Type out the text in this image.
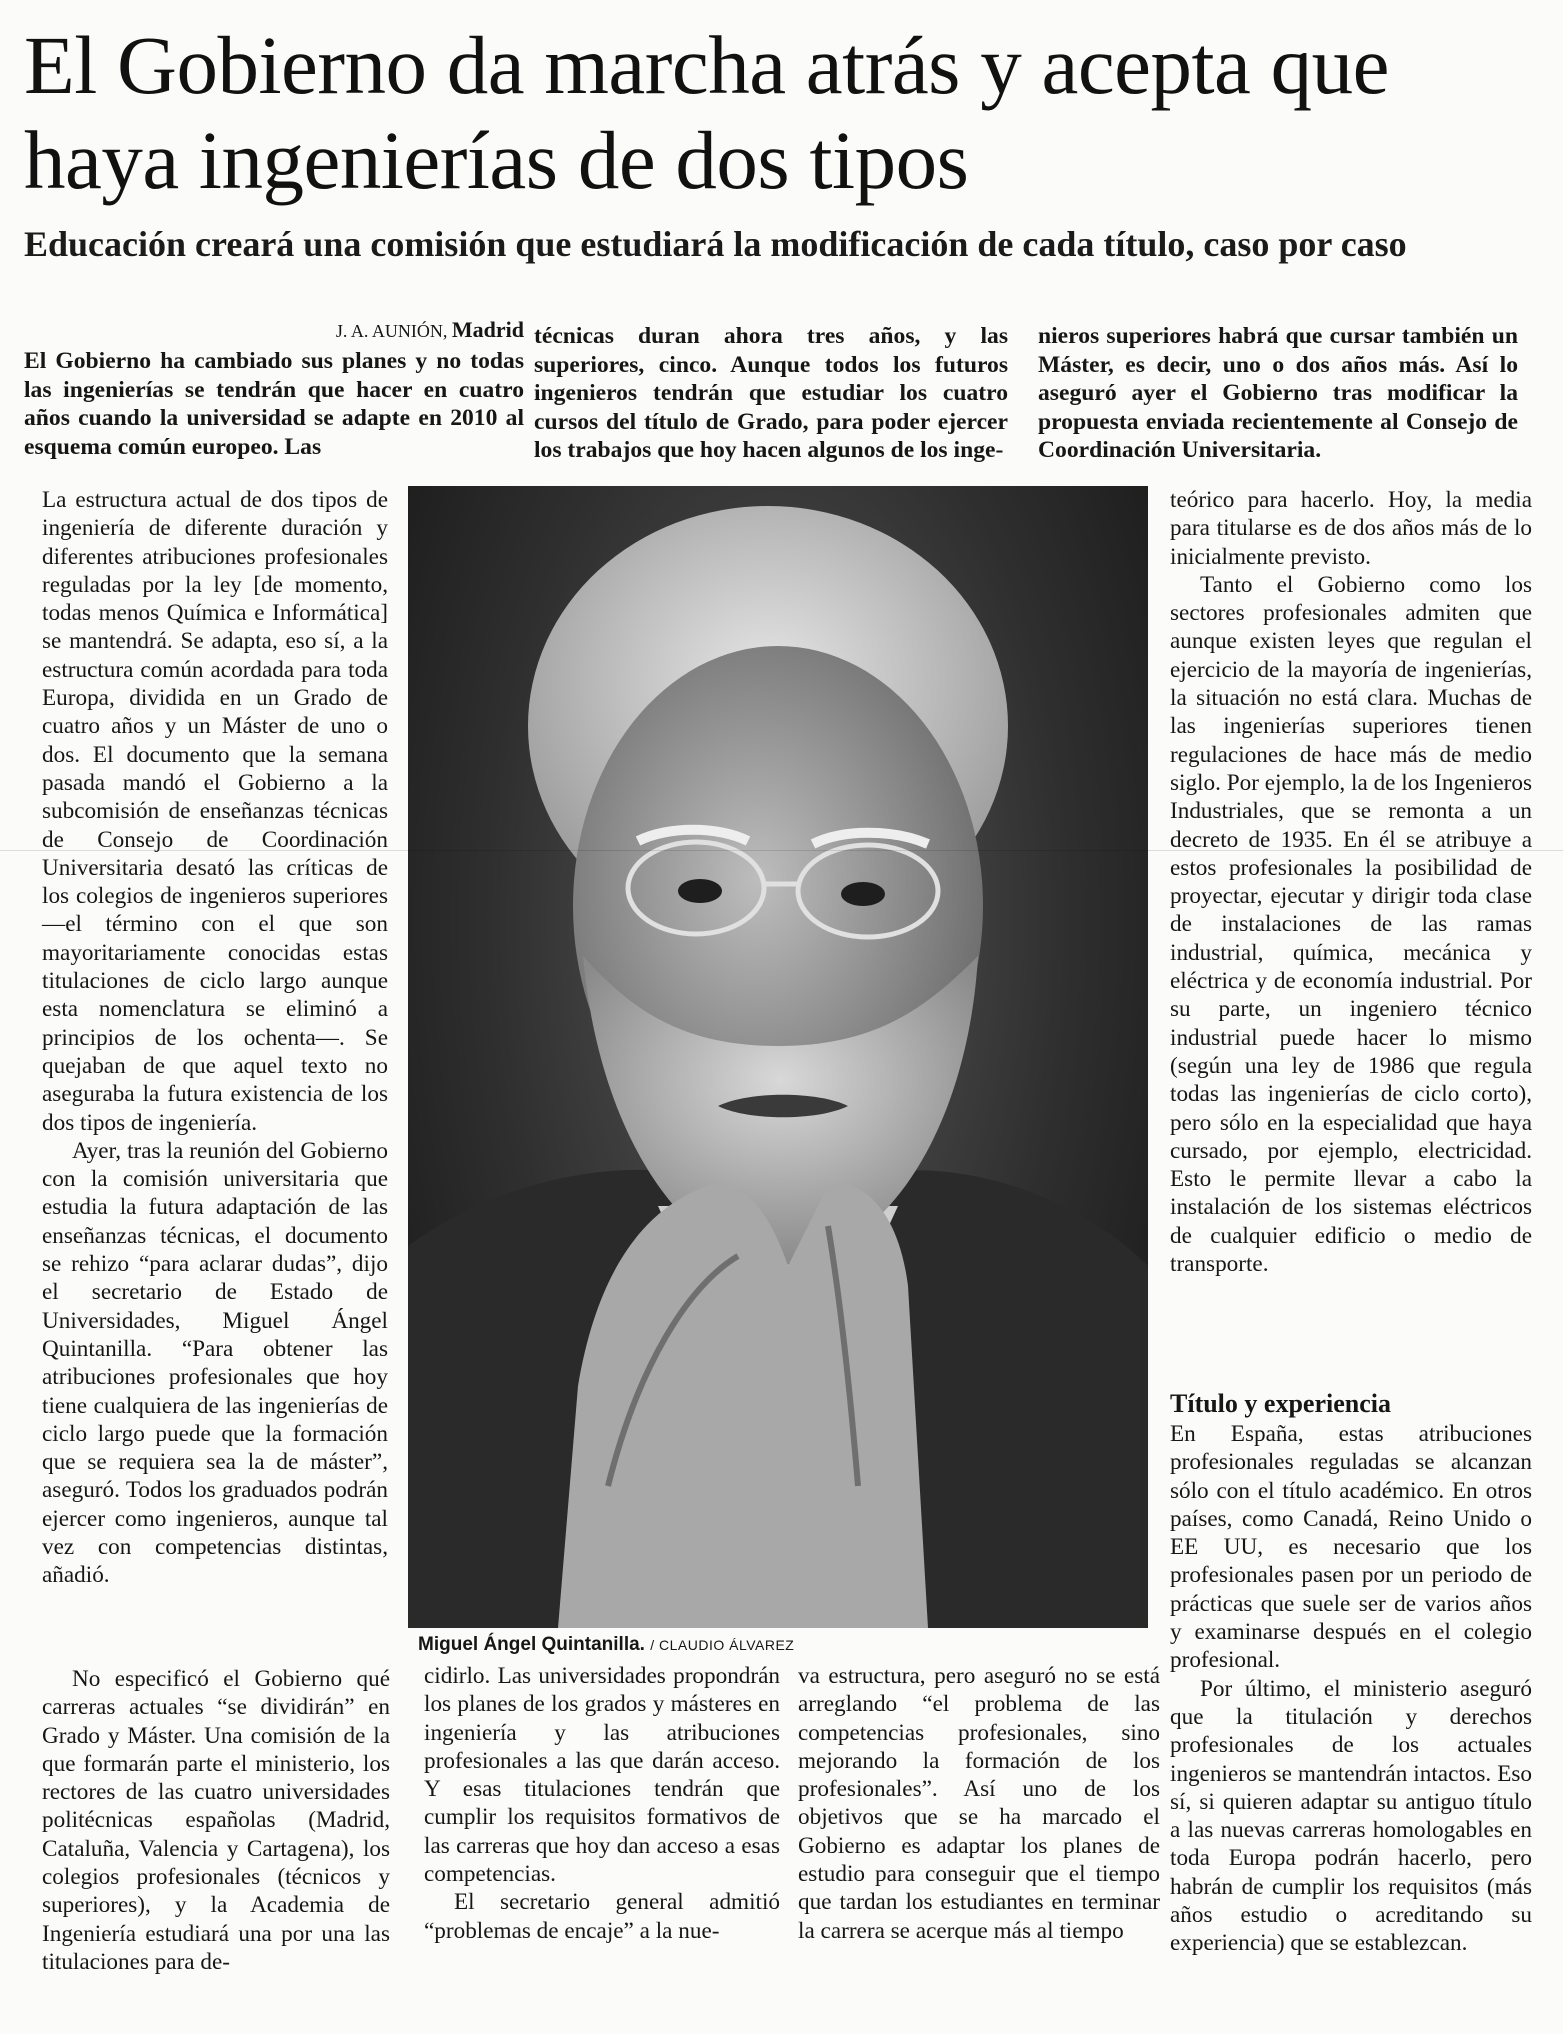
El Gobierno da marcha atrás y acepta que haya ingenierías de dos tipos
Educación creará una comisión que estudiará la modificación de cada título, caso por caso
J. A. AUNIÓN, Madrid
El Gobierno ha cambiado sus planes y no todas las ingenierías se tendrán que hacer en cuatro años cuando la universidad se adapte en 2010 al esquema común europeo. Las
técnicas duran ahora tres años, y las superiores, cinco. Aunque todos los futuros ingenieros tendrán que estudiar los cuatro cursos del título de Grado, para poder ejercer los trabajos que hoy hacen algunos de los inge-
nieros superiores habrá que cursar también un Máster, es decir, uno o dos años más. Así lo aseguró ayer el Gobierno tras modificar la propuesta enviada recientemente al Consejo de Coordinación Universitaria.

La estructura actual de dos tipos de ingeniería de diferente duración y diferentes atribuciones profesionales reguladas por la ley [de momento, todas menos Química e Informática] se mantendrá. Se adapta, eso sí, a la estructura común acordada para toda Europa, dividida en un Grado de cuatro años y un Máster de uno o dos. El documento que la semana pasada mandó el Gobierno a la subcomisión de enseñanzas técnicas de Consejo de Coordinación Universitaria desató las críticas de los colegios de ingenieros superiores —el término con el que son mayoritariamente conocidas estas titulaciones de ciclo largo aunque esta nomenclatura se eliminó a principios de los ochenta—. Se quejaban de que aquel texto no aseguraba la futura existencia de los dos tipos de ingeniería.

Ayer, tras la reunión del Gobierno con la comisión universitaria que estudia la futura adaptación de las enseñanzas técnicas, el documento se rehizo “para aclarar dudas”, dijo el secretario de Estado de Universidades, Miguel Ángel Quintanilla. “Para obtener las atribuciones profesionales que hoy tiene cualquiera de las ingenierías de ciclo largo puede que la formación que se requiera sea la de máster”, aseguró. Todos los graduados podrán ejercer como ingenieros, aunque tal vez con competencias distintas, añadió.

Miguel Ángel Quintanilla. / CLAUDIO ÁLVAREZ

No especificó el Gobierno qué carreras actuales “se dividirán” en Grado y Máster. Una comisión de la que formarán parte el ministerio, los rectores de las cuatro universidades politécnicas españolas (Madrid, Cataluña, Valencia y Cartagena), los colegios profesionales (técnicos y superiores), y la Academia de Ingeniería estudiará una por una las titulaciones para de-

cidirlo. Las universidades propondrán los planes de los grados y másteres en ingeniería y las atribuciones profesionales a las que darán acceso. Y esas titulaciones tendrán que cumplir los requisitos formativos de las carreras que hoy dan acceso a esas competencias.

El secretario general admitió “problemas de encaje” a la nue-

va estructura, pero aseguró no se está arreglando “el problema de las competencias profesionales, sino mejorando la formación de los profesionales”. Así uno de los objetivos que se ha marcado el Gobierno es adaptar los planes de estudio para conseguir que el tiempo que tardan los estudiantes en terminar la carrera se acerque más al tiempo

teórico para hacerlo. Hoy, la media para titularse es de dos años más de lo inicialmente previsto.

Tanto el Gobierno como los sectores profesionales admiten que aunque existen leyes que regulan el ejercicio de la mayoría de ingenierías, la situación no está clara. Muchas de las ingenierías superiores tienen regulaciones de hace más de medio siglo. Por ejemplo, la de los Ingenieros Industriales, que se remonta a un decreto de 1935. En él se atribuye a estos profesionales la posibilidad de proyectar, ejecutar y dirigir toda clase de instalaciones de las ramas industrial, química, mecánica y eléctrica y de economía industrial. Por su parte, un ingeniero técnico industrial puede hacer lo mismo (según una ley de 1986 que regula todas las ingenierías de ciclo corto), pero sólo en la especialidad que haya cursado, por ejemplo, electricidad. Esto le permite llevar a cabo la instalación de los sistemas eléctricos de cualquier edificio o medio de transporte.

Título y experiencia

En España, estas atribuciones profesionales reguladas se alcanzan sólo con el título académico. En otros países, como Canadá, Reino Unido o EE UU, es necesario que los profesionales pasen por un periodo de prácticas que suele ser de varios años y examinarse después en el colegio profesional.

Por último, el ministerio aseguró que la titulación y derechos profesionales de los actuales ingenieros se mantendrán intactos. Eso sí, si quieren adaptar su antiguo título a las nuevas carreras homologables en toda Europa podrán hacerlo, pero habrán de cumplir los requisitos (más años estudio o acreditando su experiencia) que se establezcan.
